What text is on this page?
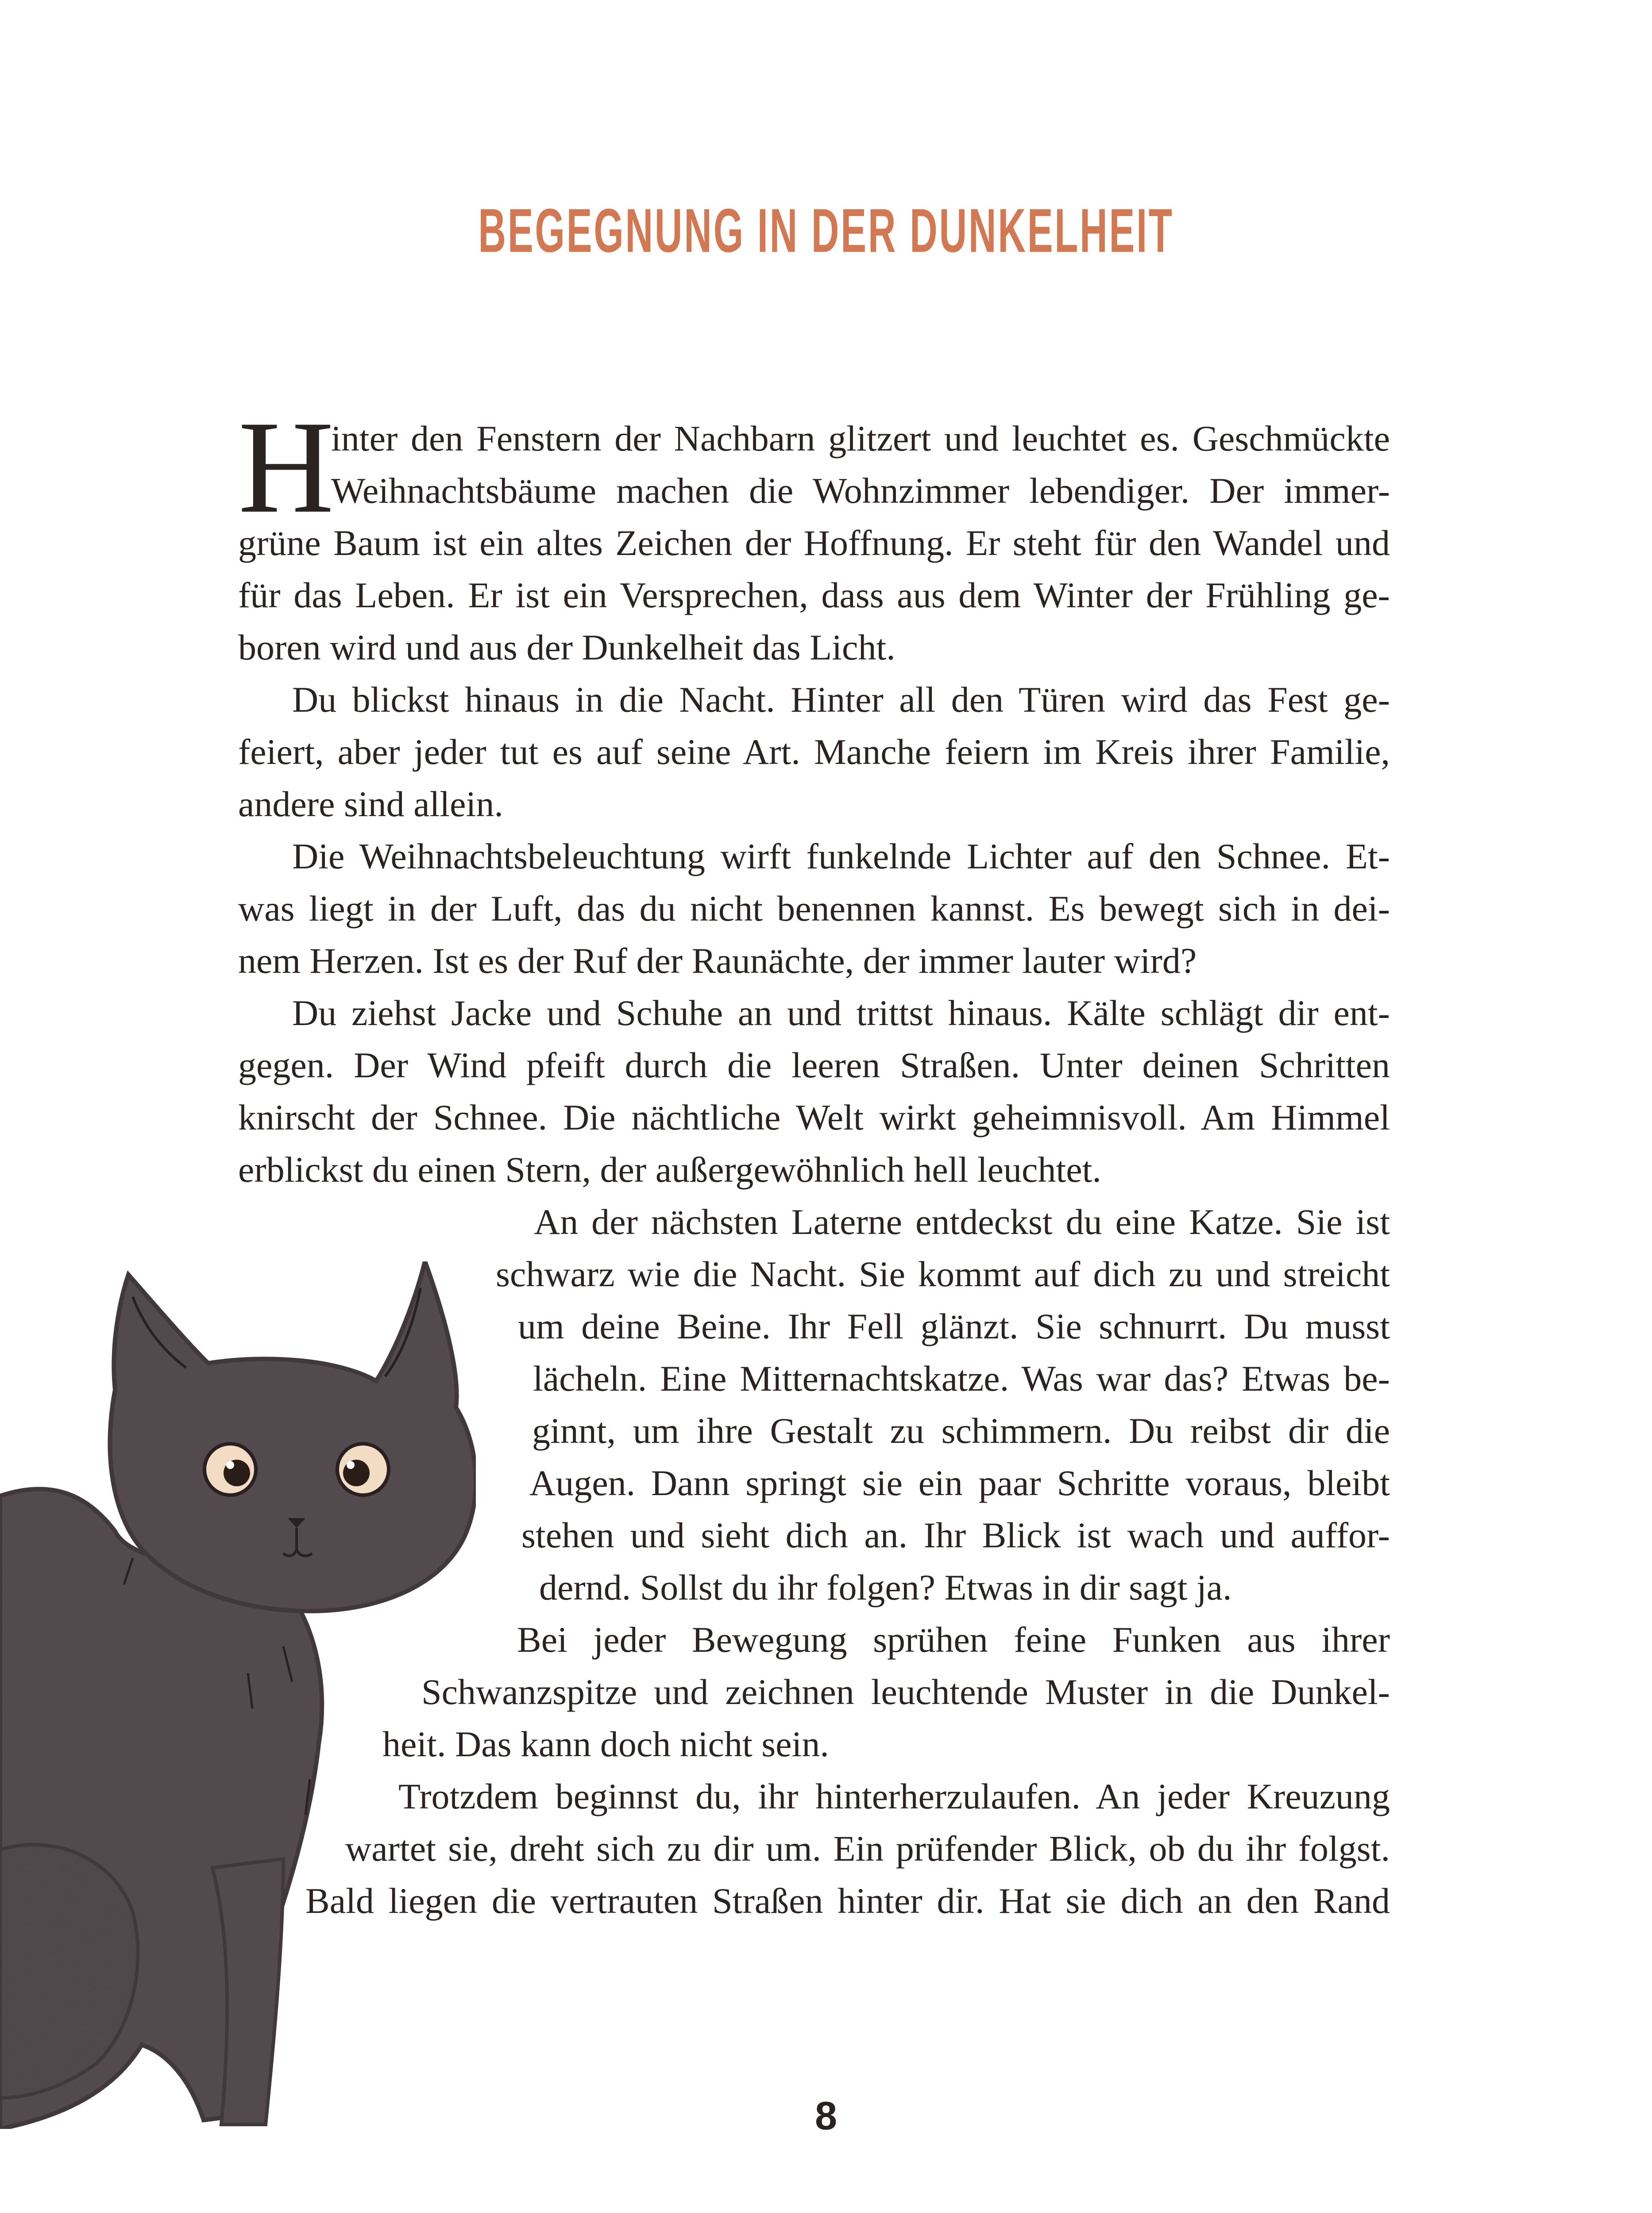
BEGEGNUNG IN DER DUNKELHEIT
H
inter den Fenstern der Nachbarn glitzert und leuchtet es. Geschmückte
Weihnachtsbäume machen die Wohnzimmer lebendiger. Der immer-
grüne Baum ist ein altes Zeichen der Hoffnung. Er steht für den Wandel und
für das Leben. Er ist ein Versprechen, dass aus dem Winter der Frühling ge-
boren wird und aus der Dunkelheit das Licht.
Du blickst hinaus in die Nacht. Hinter all den Türen wird das Fest ge-
feiert, aber jeder tut es auf seine Art. Manche feiern im Kreis ihrer Familie,
andere sind allein.
Die Weihnachtsbeleuchtung wirft funkelnde Lichter auf den Schnee. Et-
was liegt in der Luft, das du nicht benennen kannst. Es bewegt sich in dei-
nem Herzen. Ist es der Ruf der Raunächte, der immer lauter wird?
Du ziehst Jacke und Schuhe an und trittst hinaus. Kälte schlägt dir ent-
gegen. Der Wind pfeift durch die leeren Straßen. Unter deinen Schritten
knirscht der Schnee. Die nächtliche Welt wirkt geheimnisvoll. Am Himmel
erblickst du einen Stern, der außergewöhnlich hell leuchtet.
An der nächsten Laterne entdeckst du eine Katze. Sie ist
schwarz wie die Nacht. Sie kommt auf dich zu und streicht
um deine Beine. Ihr Fell glänzt. Sie schnurrt. Du musst
lächeln. Eine Mitternachtskatze. Was war das? Etwas be-
ginnt, um ihre Gestalt zu schimmern. Du reibst dir die
Augen. Dann springt sie ein paar Schritte voraus, bleibt
stehen und sieht dich an. Ihr Blick ist wach und auffor-
dernd. Sollst du ihr folgen? Etwas in dir sagt ja.
Bei jeder Bewegung sprühen feine Funken aus ihrer
Schwanzspitze und zeichnen leuchtende Muster in die Dunkel-
heit. Das kann doch nicht sein.
Trotzdem beginnst du, ihr hinterherzulaufen. An jeder Kreuzung
wartet sie, dreht sich zu dir um. Ein prüfender Blick, ob du ihr folgst.
Bald liegen die vertrauten Straßen hinter dir. Hat sie dich an den Rand
8
